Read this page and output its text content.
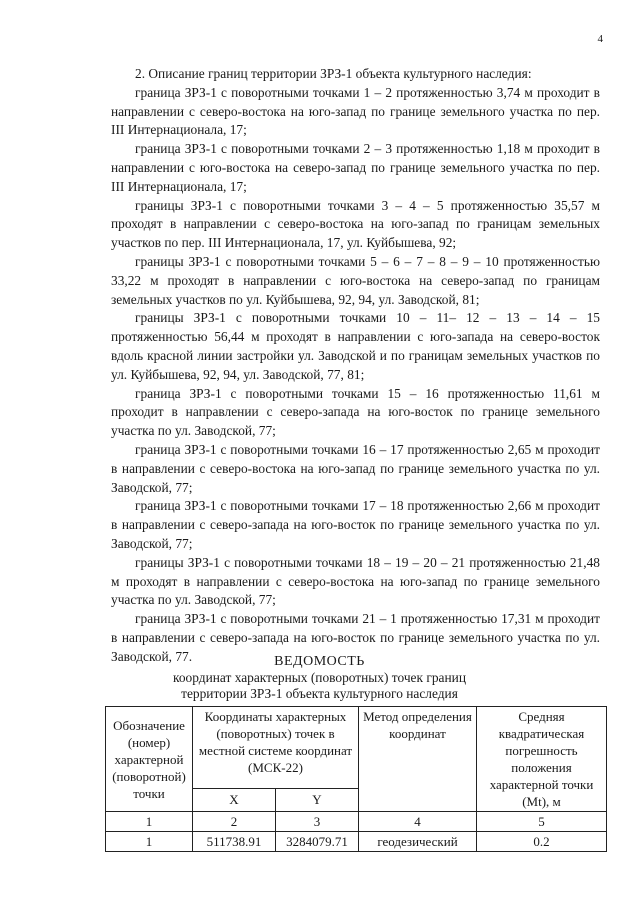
4

2. Описание границ территории ЗРЗ-1 объекта культурного наследия:

граница ЗРЗ-1 с поворотными точками 1 – 2 протяженностью 3,74 м проходит в направлении с северо-востока на юго-запад по границе земельного участка по пер. III Интернационала, 17;

граница ЗРЗ-1 с поворотными точками 2 – 3 протяженностью 1,18 м проходит в направлении с юго-востока на северо-запад по границе земельного участка по пер. III Интернационала, 17;

границы ЗРЗ-1 с поворотными точками 3 – 4 – 5 протяженностью 35,57 м проходят в направлении с северо-востока на юго-запад по границам земельных участков по пер. III Интернационала, 17, ул. Куйбышева, 92;

границы ЗРЗ-1 с поворотными точками 5 – 6 – 7 – 8 – 9 – 10 протяженностью 33,22 м проходят в направлении с юго-востока на северо-запад по границам земельных участков по ул. Куйбышева, 92, 94, ул. Заводской, 81;

границы ЗРЗ-1 с поворотными точками 10 – 11– 12 – 13 – 14 – 15 протяженностью 56,44 м проходят в направлении с юго-запада на северо-восток вдоль красной линии застройки ул. Заводской и по границам земельных участков по ул. Куйбышева, 92, 94, ул. Заводской, 77, 81;

граница ЗРЗ-1 с поворотными точками 15 – 16 протяженностью 11,61 м проходит в направлении с северо-запада на юго-восток по границе земельного участка по ул. Заводской, 77;

граница ЗРЗ-1 с поворотными точками 16 – 17 протяженностью 2,65 м проходит в направлении с северо-востока на юго-запад по границе земельного участка по ул. Заводской, 77;

граница ЗРЗ-1 с поворотными точками 17 – 18 протяженностью 2,66 м проходит в направлении с северо-запада на юго-восток по границе земельного участка по ул. Заводской, 77;

границы ЗРЗ-1 с поворотными точками 18 – 19 – 20 – 21 протяженностью 21,48 м проходят в направлении с северо-востока на юго-запад по границе земельного участка по ул. Заводской, 77;

граница ЗРЗ-1 с поворотными точками 21 – 1 протяженностью 17,31 м проходит в направлении с северо-запада на юго-восток по границе земельного участка по ул. Заводской, 77.	ВЕДОМОСТЬ
координат характерных (поворотных) точек границ
территории ЗРЗ-1 объекта культурного наследия
Обозначение (номер) характерной (поворотной) точки	Координаты характерных (поворотных) точек в местной системе координат (МСК-22)		Метод определения координат	Средняя квадратическая погрешность положения характерной точки (Mt), м
	X	Y		
1	2	3	4	5
1	511738.91	3284079.71	геодезический	0.2
